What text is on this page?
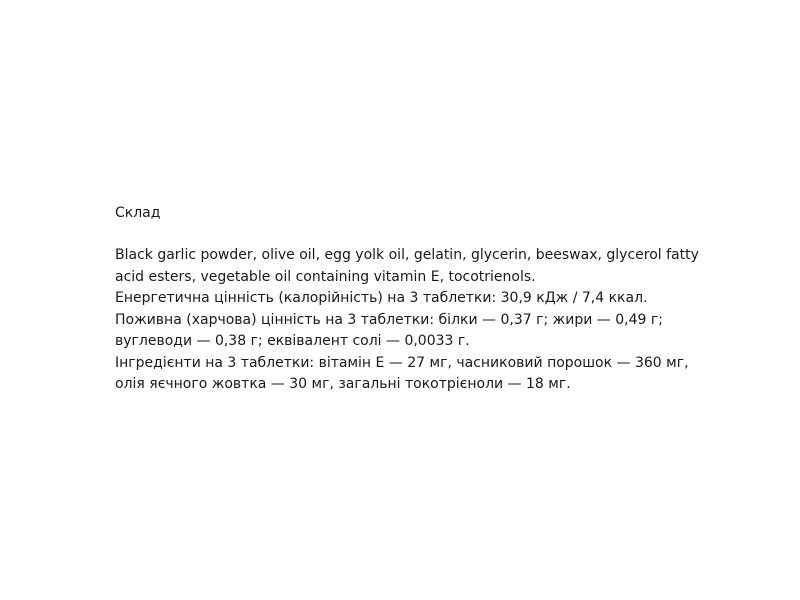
Склад

Black garlic powder, olive oil, egg yolk oil, gelatin, glycerin, beeswax, glycerol fatty
acid esters, vegetable oil containing vitamin E, tocotrienols.
Енергетична цінність (калорійність) на 3 таблетки: 30,9 кДж / 7,4 ккал.
Поживна (харчова) цінність на 3 таблетки: білки — 0,37 г; жири — 0,49 г;
вуглеводи — 0,38 г; еквівалент солі — 0,0033 г.
Інгредієнти на 3 таблетки: вітамін Е — 27 мг, часниковий порошок — 360 мг,
олія яєчного жовтка — 30 мг, загальні токотрієноли — 18 мг.
